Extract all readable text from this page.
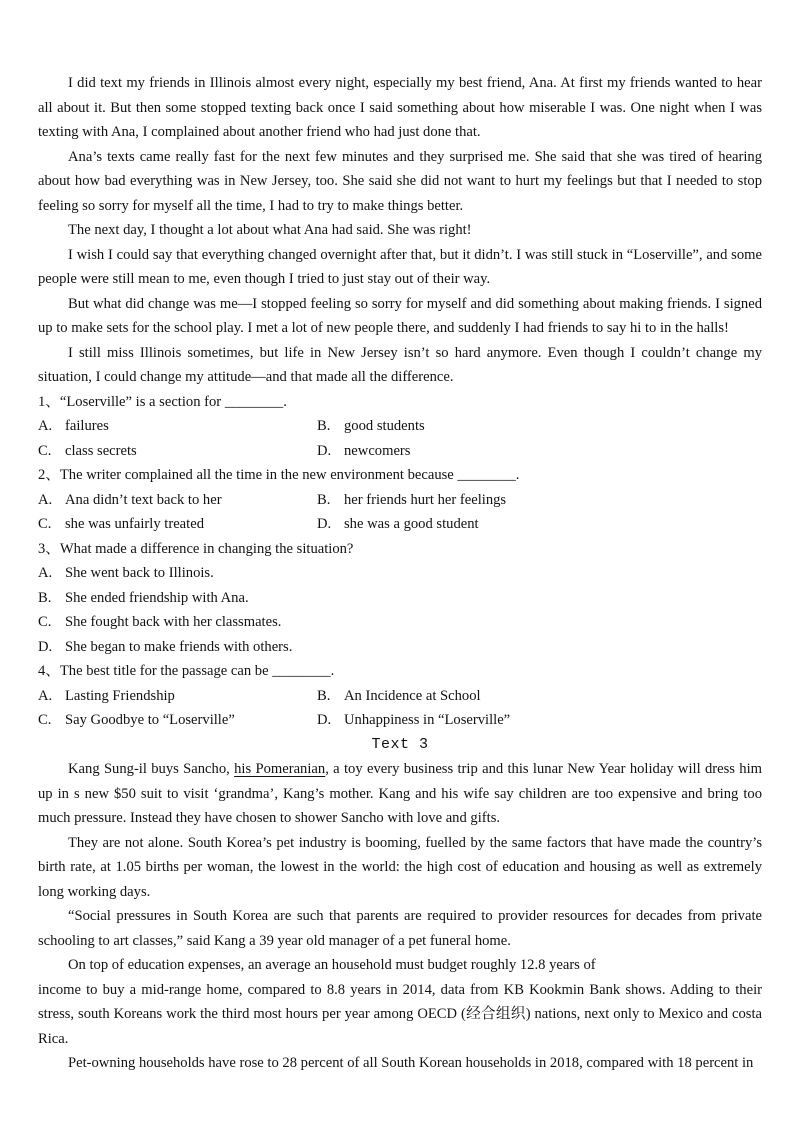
I did text my friends in Illinois almost every night, especially my best friend, Ana. At first my friends wanted to hear all about it. But then some stopped texting back once I said something about how miserable I was. One night when I was texting with Ana, I complained about another friend who had just done that.

Ana’s texts came really fast for the next few minutes and they surprised me. She said that she was tired of hearing about how bad everything was in New Jersey, too. She said she did not want to hurt my feelings but that I needed to stop feeling so sorry for myself all the time, I had to try to make things better.

The next day, I thought a lot about what Ana had said. She was right!

I wish I could say that everything changed overnight after that, but it didn’t. I was still stuck in “Loserville”, and some people were still mean to me, even though I tried to just stay out of their way.

But what did change was me—I stopped feeling so sorry for myself and did something about making friends. I signed up to make sets for the school play. I met a lot of new people there, and suddenly I had friends to say hi to in the halls!

I still miss Illinois sometimes, but life in New Jersey isn’t so hard anymore. Even though I couldn’t change my situation, I could change my attitude—and that made all the difference.

1、“Loserville” is a section for ________.

A. failures	B. good students
C. class secrets	D. newcomers

2、The writer complained all the time in the new environment because ________.

A. Ana didn’t text back to her	B. her friends hurt her feelings
C. she was unfairly treated	D. she was a good student

3、What made a difference in changing the situation?

A. She went back to Illinois.
B. She ended friendship with Ana.
C. She fought back with her classmates.
D. She began to make friends with others.

4、The best title for the passage can be ________.

A. Lasting Friendship	B. An Incidence at School
C. Say Goodbye to “Loserville”	D. Unhappiness in “Loserville”
Text 3

Kang Sung-il buys Sancho, his Pomeranian, a toy every business trip and this lunar New Year holiday will dress him up in s new $50 suit to visit ‘grandma’, Kang’s mother. Kang and his wife say children are too expensive and bring too much pressure. Instead they have chosen to shower Sancho with love and gifts.

They are not alone. South Korea’s pet industry is booming, fuelled by the same factors that have made the country’s birth rate, at 1.05 births per woman, the lowest in the world: the high cost of education and housing as well as extremely long working days.

“Social pressures in South Korea are such that parents are required to provider resources for decades from private schooling to art classes,” said Kang a 39 year old manager of a pet funeral home.

On top of education expenses, an average an household must budget roughly 12.8 years of

income to buy a mid-range home, compared to 8.8 years in 2014, data from KB Kookmin Bank shows. Adding to their stress, south Koreans work the third most hours per year among OECD (经合组织) nations, next only to Mexico and costa Rica.

Pet-owning households have rose to 28 percent of all South Korean households in 2018, compared with 18 percent in
